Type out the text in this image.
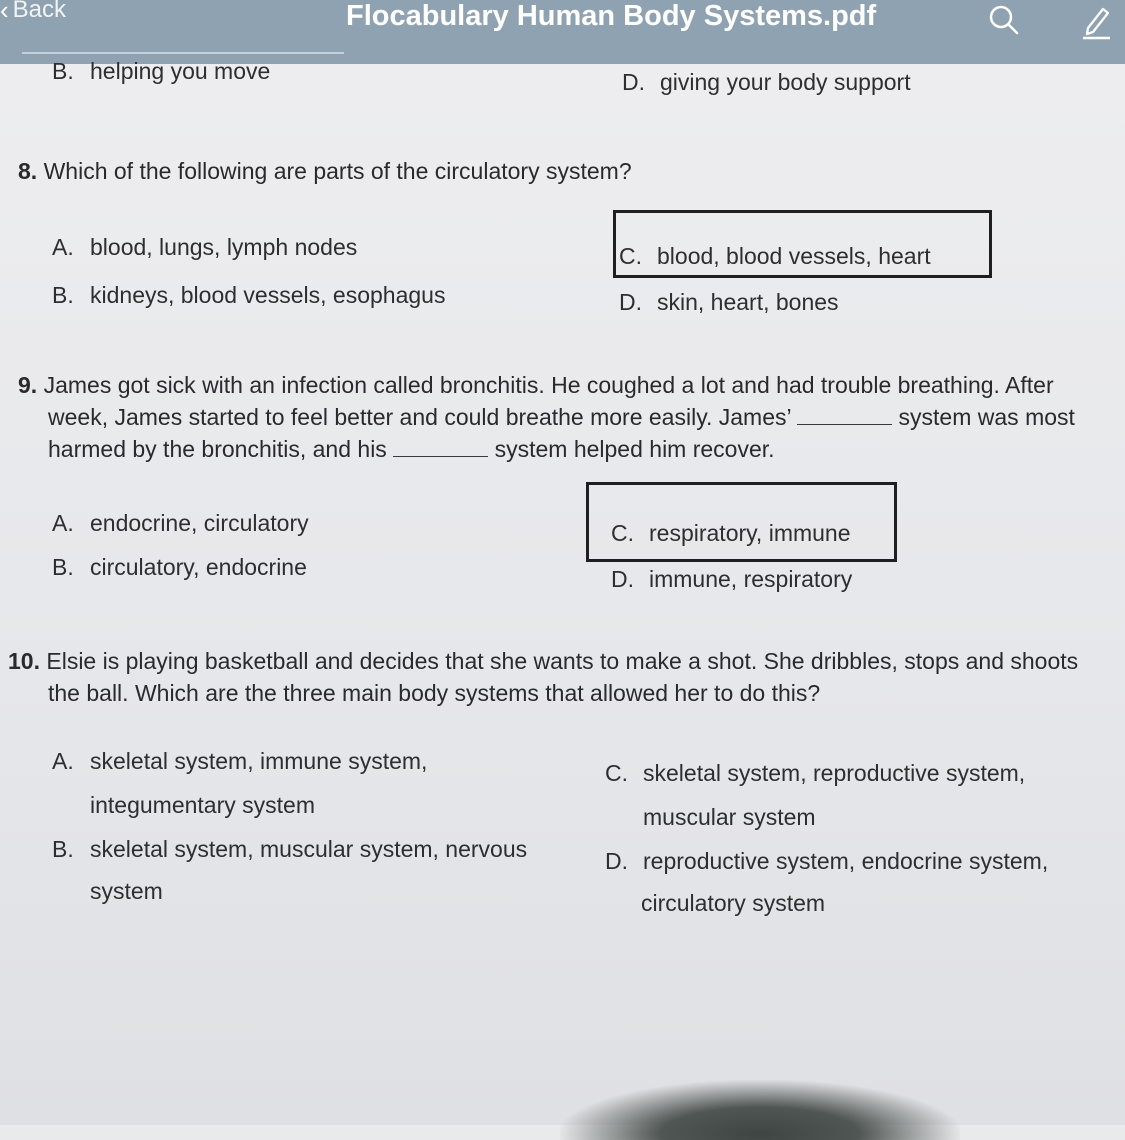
‹ Back	Flocabulary Human Body Systems.pdf
B. helping you move	D. giving your body support
8. Which of the following are parts of the circulatory system?
A. blood, lungs, lymph nodes
B. kidneys, blood vessels, esophagus
C. blood, blood vessels, heart
D. skin, heart, bones
9. James got sick with an infection called bronchitis. He coughed a lot and had trouble breathing. After
week, James started to feel better and could breathe more easily. James’	system was most
harmed by the bronchitis, and his	system helped him recover.
A. endocrine, circulatory
B. circulatory, endocrine
C. respiratory, immune
D. immune, respiratory
10. Elsie is playing basketball and decides that she wants to make a shot. She dribbles, stops and shoots
the ball. Which are the three main body systems that allowed her to do this?
A. skeletal system, immune system,
integumentary system
B. skeletal system, muscular system, nervous
system
C. skeletal system, reproductive system,
muscular system
D. reproductive system, endocrine system,
circulatory system
